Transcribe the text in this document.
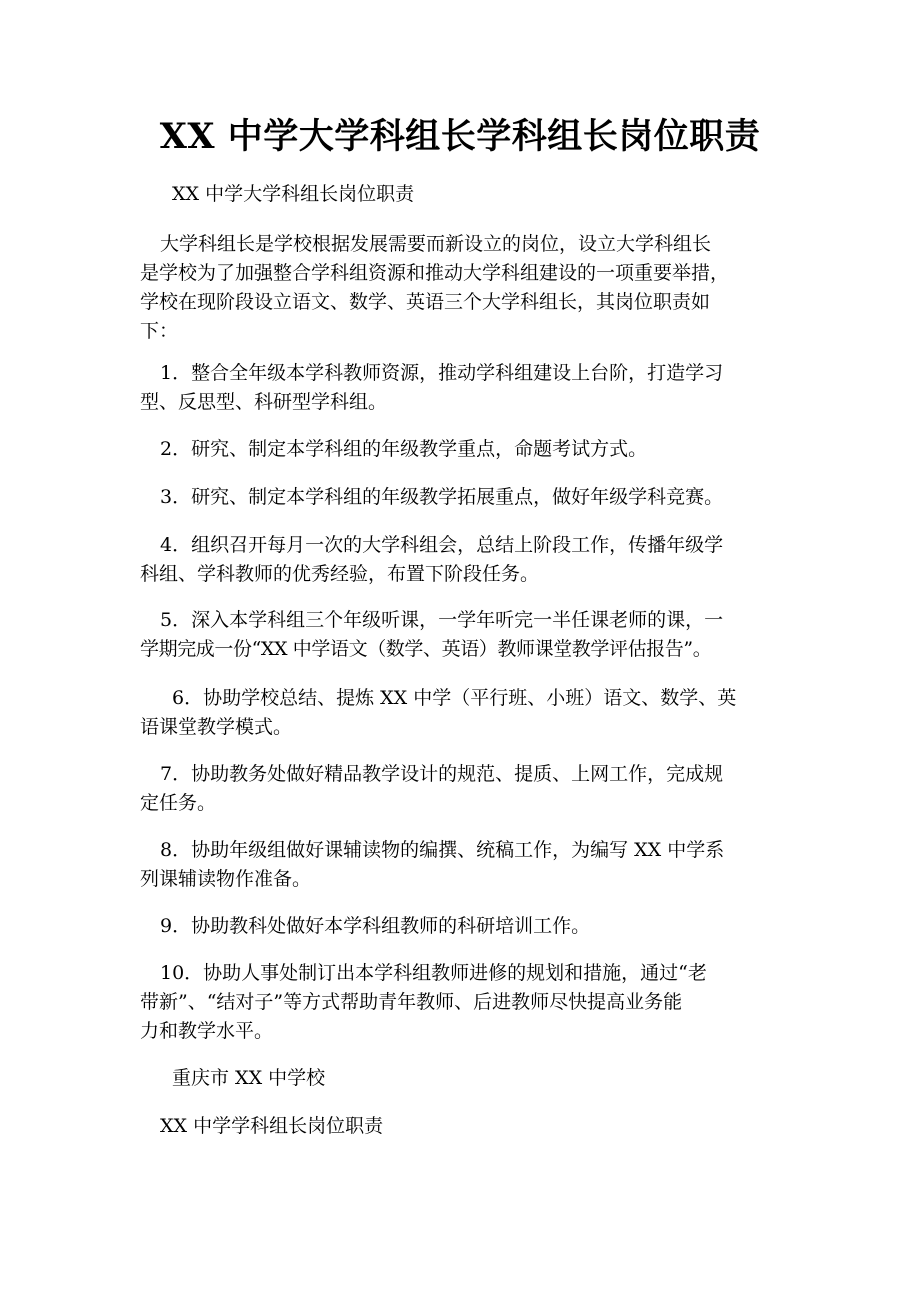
XX 中学大学科组长学科组长岗位职责
XX 中学大学科组长岗位职责
大学科组长是学校根据发展需要而新设立的岗位，设立大学科组长
是学校为了加强整合学科组资源和推动大学科组建设的一项重要举措，
学校在现阶段设立语文、数学、英语三个大学科组长，其岗位职责如
下：
1．整合全年级本学科教师资源，推动学科组建设上台阶，打造学习
型、反思型、科研型学科组。
2．研究、制定本学科组的年级教学重点，命题考试方式。
3．研究、制定本学科组的年级教学拓展重点，做好年级学科竞赛。
4．组织召开每月一次的大学科组会，总结上阶段工作，传播年级学
科组、学科教师的优秀经验，布置下阶段任务。
5．深入本学科组三个年级听课，一学年听完一半任课老师的课，一
学期完成一份“XX 中学语文（数学、英语）教师课堂教学评估报告”。
6．协助学校总结、提炼 XX 中学（平行班、小班）语文、数学、英
语课堂教学模式。
7．协助教务处做好精品教学设计的规范、提质、上网工作，完成规
定任务。
8．协助年级组做好课辅读物的编撰、统稿工作，为编写 XX 中学系
列课辅读物作准备。
9．协助教科处做好本学科组教师的科研培训工作。
10．协助人事处制订出本学科组教师进修的规划和措施，通过“老
带新”、“结对子”等方式帮助青年教师、后进教师尽快提高业务能
力和教学水平。
重庆市 XX 中学校
XX 中学学科组长岗位职责
